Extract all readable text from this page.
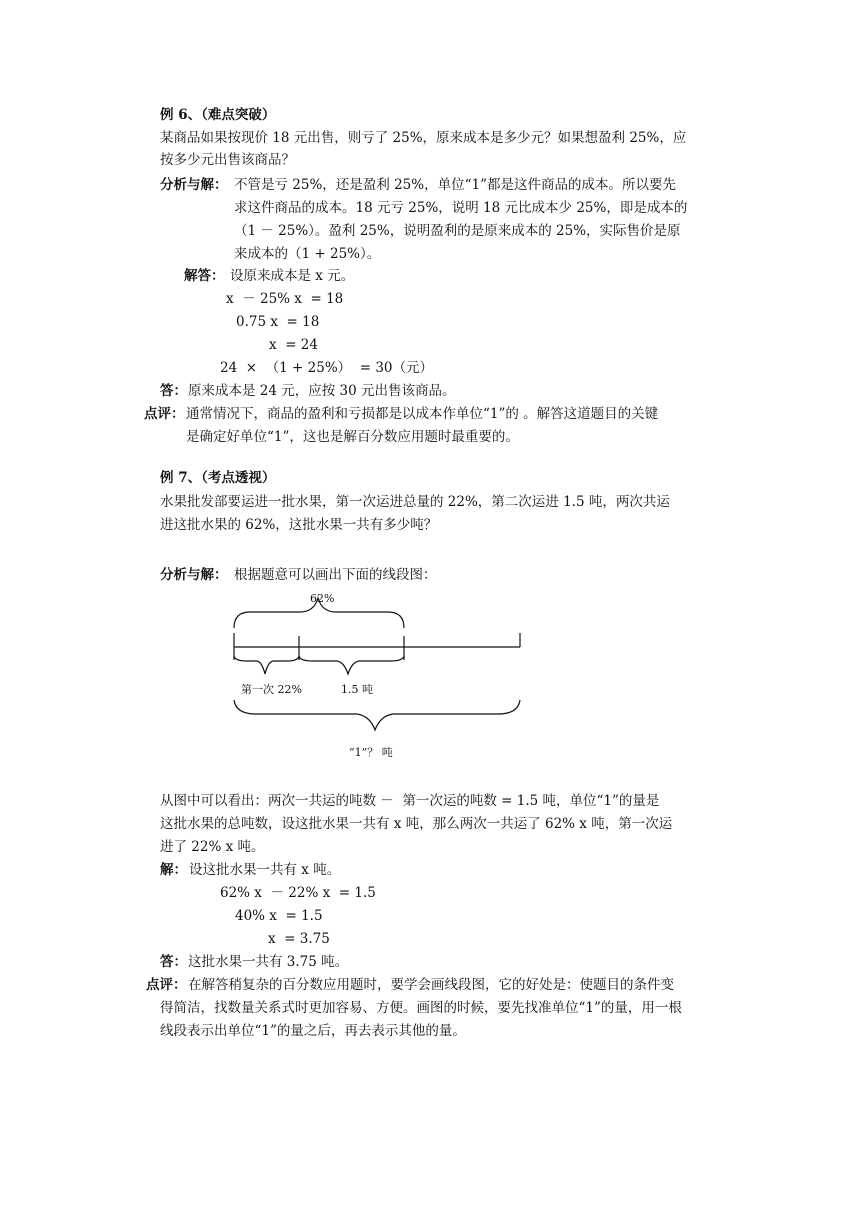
例 6、（难点突破）
某商品如果按现价 18 元出售，则亏了 25%，原来成本是多少元？如果想盈利 25%，应
按多少元出售该商品？
分析与解： 不管是亏 25%，还是盈利 25%，单位“1”都是这件商品的成本。所以要先
求这件商品的成本。18 元亏 25%，说明 18 元比成本少 25%，即是成本的
（1 － 25%）。盈利 25%，说明盈利的是原来成本的 25%，实际售价是原
来成本的（1 + 25%）。
解答： 设原来成本是 x 元。
x  － 25% x  = 18
0.75 x  = 18
x  = 24
24  ×  （1 + 25%）  = 30（元）
答： 原来成本是 24 元，应按 30 元出售该商品。
点评： 通常情况下，商品的盈利和亏损都是以成本作单位“1”的 。解答这道题目的关键
是确定好单位“1”，这也是解百分数应用题时最重要的。
例 7、（考点透视）
水果批发部要运进一批水果，第一次运进总量的 22%，第二次运进 1.5 吨，两次共运
进这批水果的 62%，这批水果一共有多少吨？
分析与解： 根据题意可以画出下面的线段图：
62%
第一次 22%	1.5 吨
“1”？ 吨
从图中可以看出：两次一共运的吨数 －  第一次运的吨数 = 1.5 吨，单位“1”的量是
这批水果的总吨数，设这批水果一共有 x 吨，那么两次一共运了 62% x 吨，第一次运
进了 22% x 吨。
解： 设这批水果一共有 x 吨。
62% x  － 22% x  = 1.5
40% x  = 1.5
x  = 3.75
答： 这批水果一共有 3.75 吨。
点评： 在解答稍复杂的百分数应用题时，要学会画线段图，它的好处是：使题目的条件变
得简洁，找数量关系式时更加容易、方便。画图的时候，要先找准单位“1”的量，用一根
线段表示出单位“1”的量之后，再去表示其他的量。
